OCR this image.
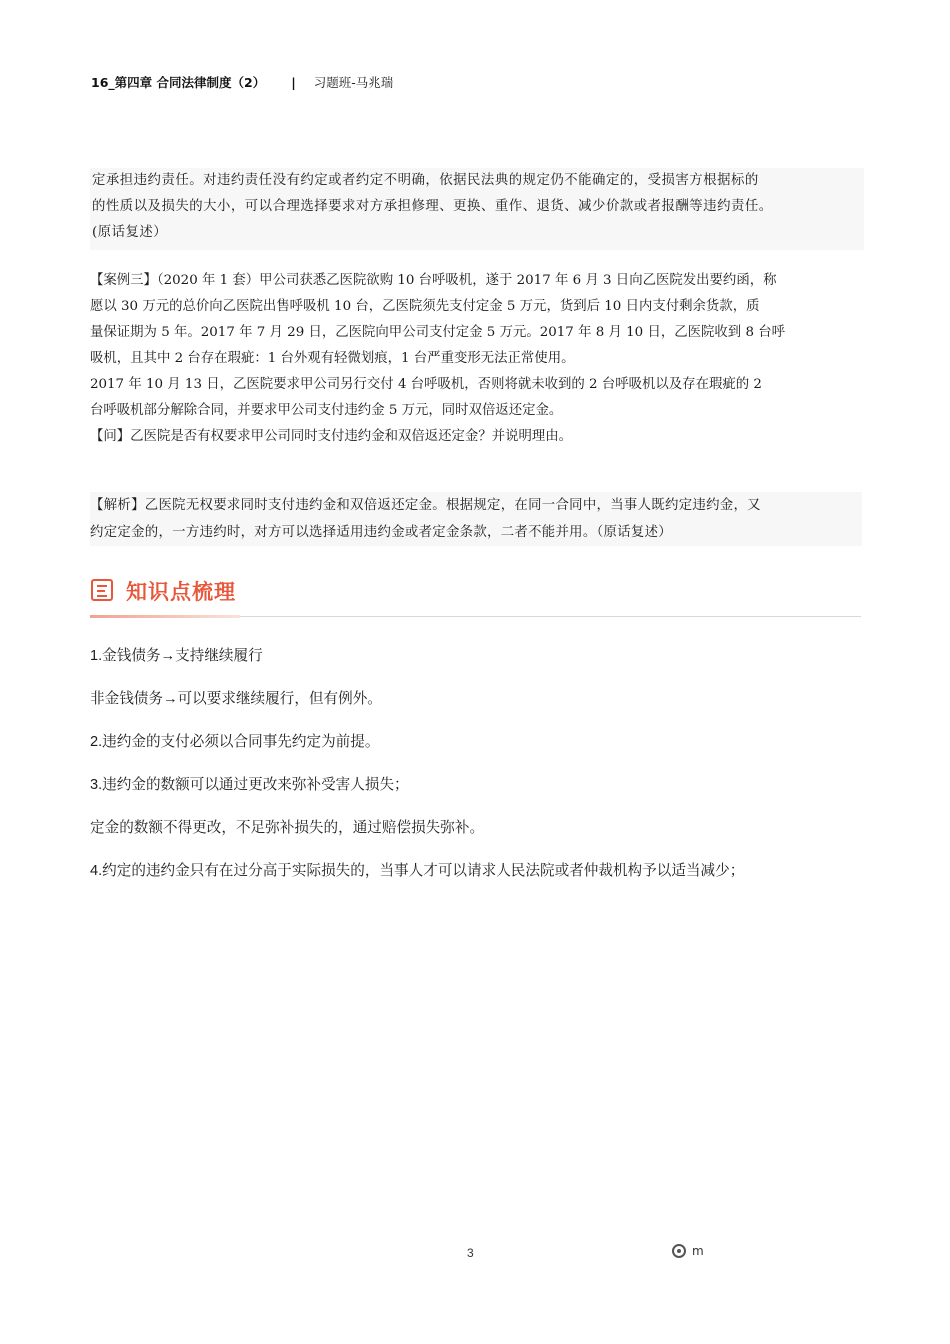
16_第四章 合同法律制度（2） | 习题班-马兆瑞

定承担违约责任。对违约责任没有约定或者约定不明确，依据民法典的规定仍不能确定的，受损害方根据标的

的性质以及损失的大小，可以合理选择要求对方承担修理、更换、重作、退货、减少价款或者报酬等违约责任。

(原话复述）

【案例三】（2020 年 1 套）甲公司获悉乙医院欲购 10 台呼吸机，遂于 2017 年 6 月 3 日向乙医院发出要约函，称

愿以 30 万元的总价向乙医院出售呼吸机 10 台，乙医院须先支付定金 5 万元，货到后 10 日内支付剩余货款，质

量保证期为 5 年。2017 年 7 月 29 日，乙医院向甲公司支付定金 5 万元。2017 年 8 月 10 日，乙医院收到 8 台呼

吸机，且其中 2 台存在瑕疵：1 台外观有轻微划痕，1 台严重变形无法正常使用。

2017 年 10 月 13 日，乙医院要求甲公司另行交付 4 台呼吸机，否则将就未收到的 2 台呼吸机以及存在瑕疵的 2

台呼吸机部分解除合同，并要求甲公司支付违约金 5 万元，同时双倍返还定金。

【问】乙医院是否有权要求甲公司同时支付违约金和双倍返还定金？并说明理由。

【解析】乙医院无权要求同时支付违约金和双倍返还定金。根据规定，在同一合同中，当事人既约定违约金，又

约定定金的，一方违约时，对方可以选择适用违约金或者定金条款，二者不能并用。（原话复述）

知识点梳理

1.金钱债务→支持继续履行

非金钱债务→可以要求继续履行，但有例外。

2.违约金的支付必须以合同事先约定为前提。

3.违约金的数额可以通过更改来弥补受害人损失；

定金的数额不得更改，不足弥补损失的，通过赔偿损失弥补。

4.约定的违约金只有在过分高于实际损失的，当事人才可以请求人民法院或者仲裁机构予以适当减少；

3	m
